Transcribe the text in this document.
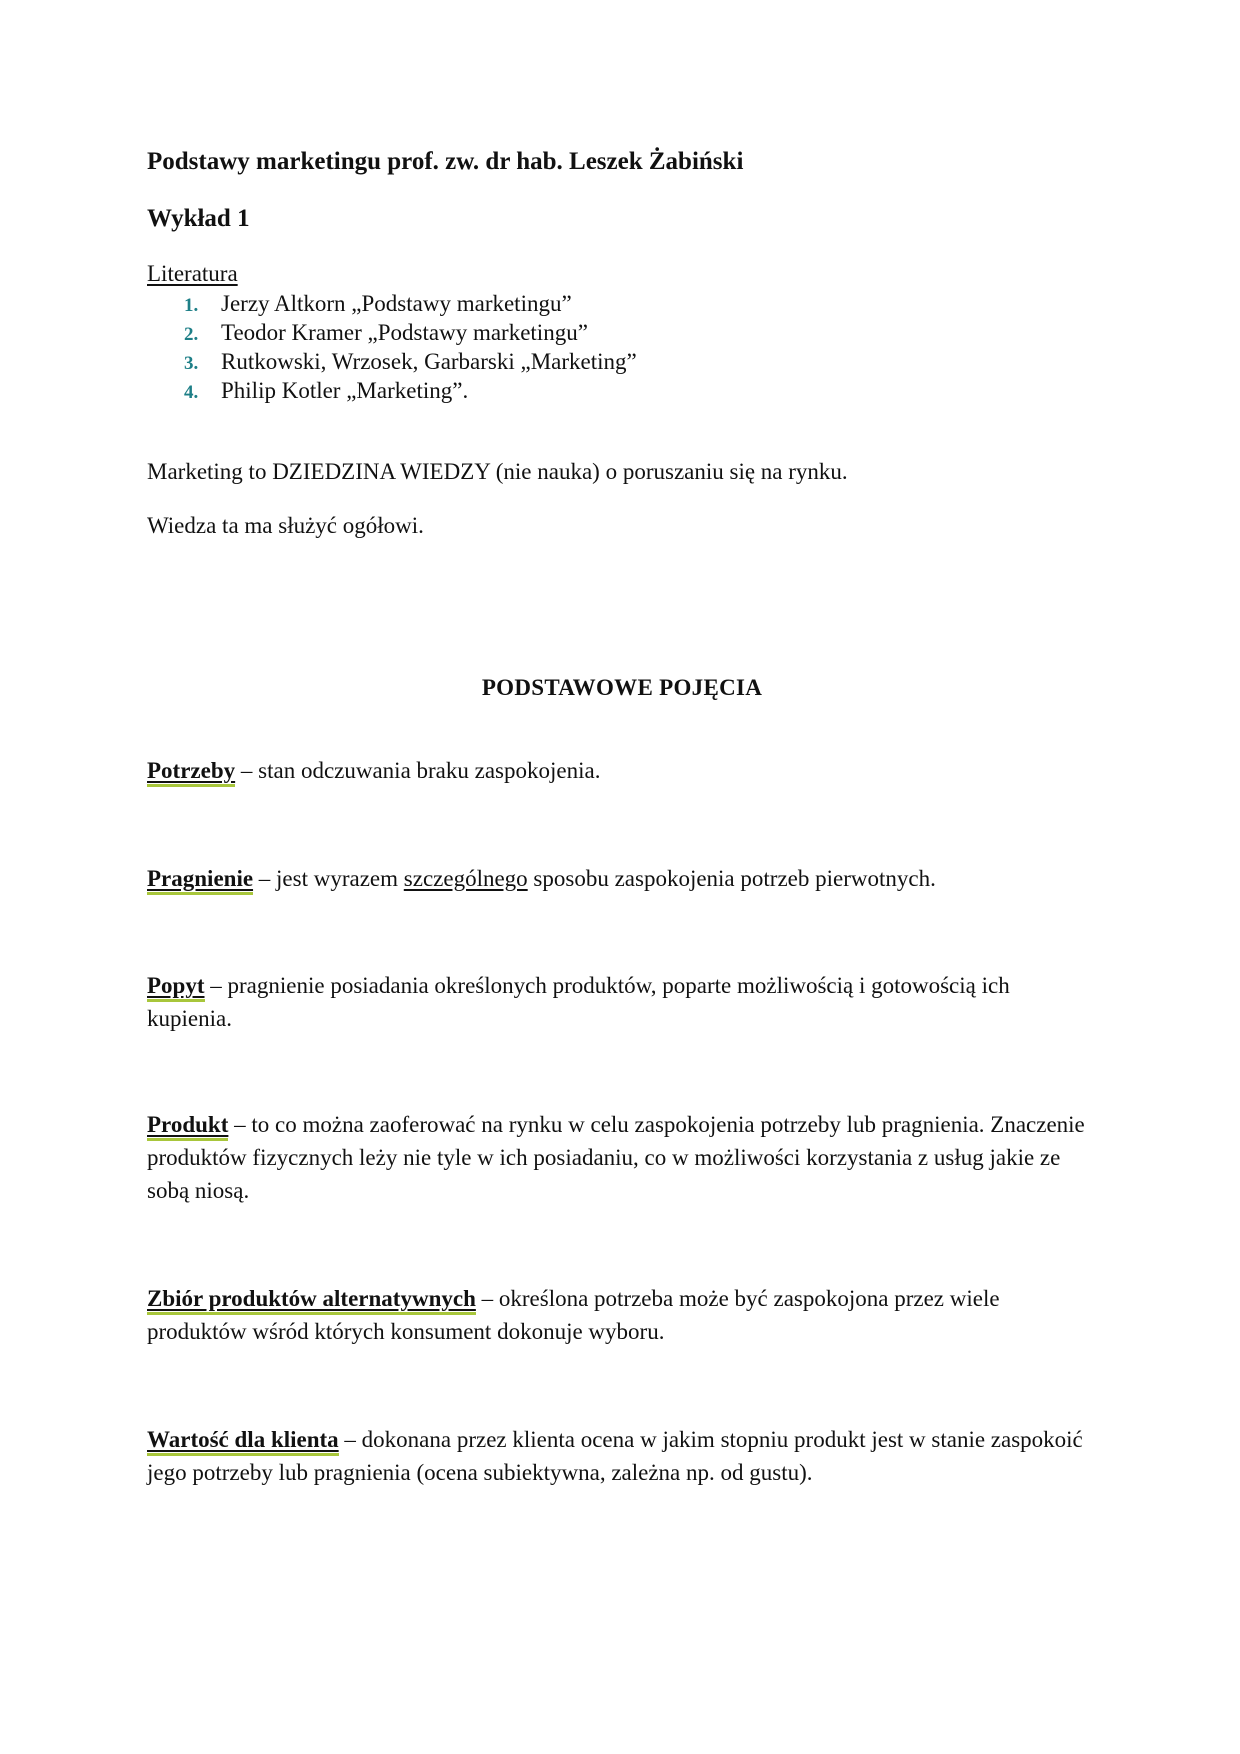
Podstawy marketingu prof. zw. dr hab. Leszek Żabiński
Wykład 1
Literatura
1. Jerzy Altkorn „Podstawy marketingu”
2. Teodor Kramer „Podstawy marketingu”
3. Rutkowski, Wrzosek, Garbarski „Marketing”
4. Philip Kotler „Marketing”.
Marketing to DZIEDZINA WIEDZY (nie nauka) o poruszaniu się na rynku.
Wiedza ta ma służyć ogółowi.
PODSTAWOWE POJĘCIA

Potrzeby – stan odczuwania braku zaspokojenia.

Pragnienie – jest wyrazem szczególnego sposobu zaspokojenia potrzeb pierwotnych.

Popyt – pragnienie posiadania określonych produktów, poparte możliwością i gotowością ich kupienia.

Produkt – to co można zaoferować na rynku w celu zaspokojenia potrzeby lub pragnienia. Znaczenie produktów fizycznych leży nie tyle w ich posiadaniu, co w możliwości korzystania z usług jakie ze sobą niosą.

Zbiór produktów alternatywnych – określona potrzeba może być zaspokojona przez wiele produktów wśród których konsument dokonuje wyboru.

Wartość dla klienta – dokonana przez klienta ocena w jakim stopniu produkt jest w stanie zaspokoić jego potrzeby lub pragnienia (ocena subiektywna, zależna np. od gustu).
